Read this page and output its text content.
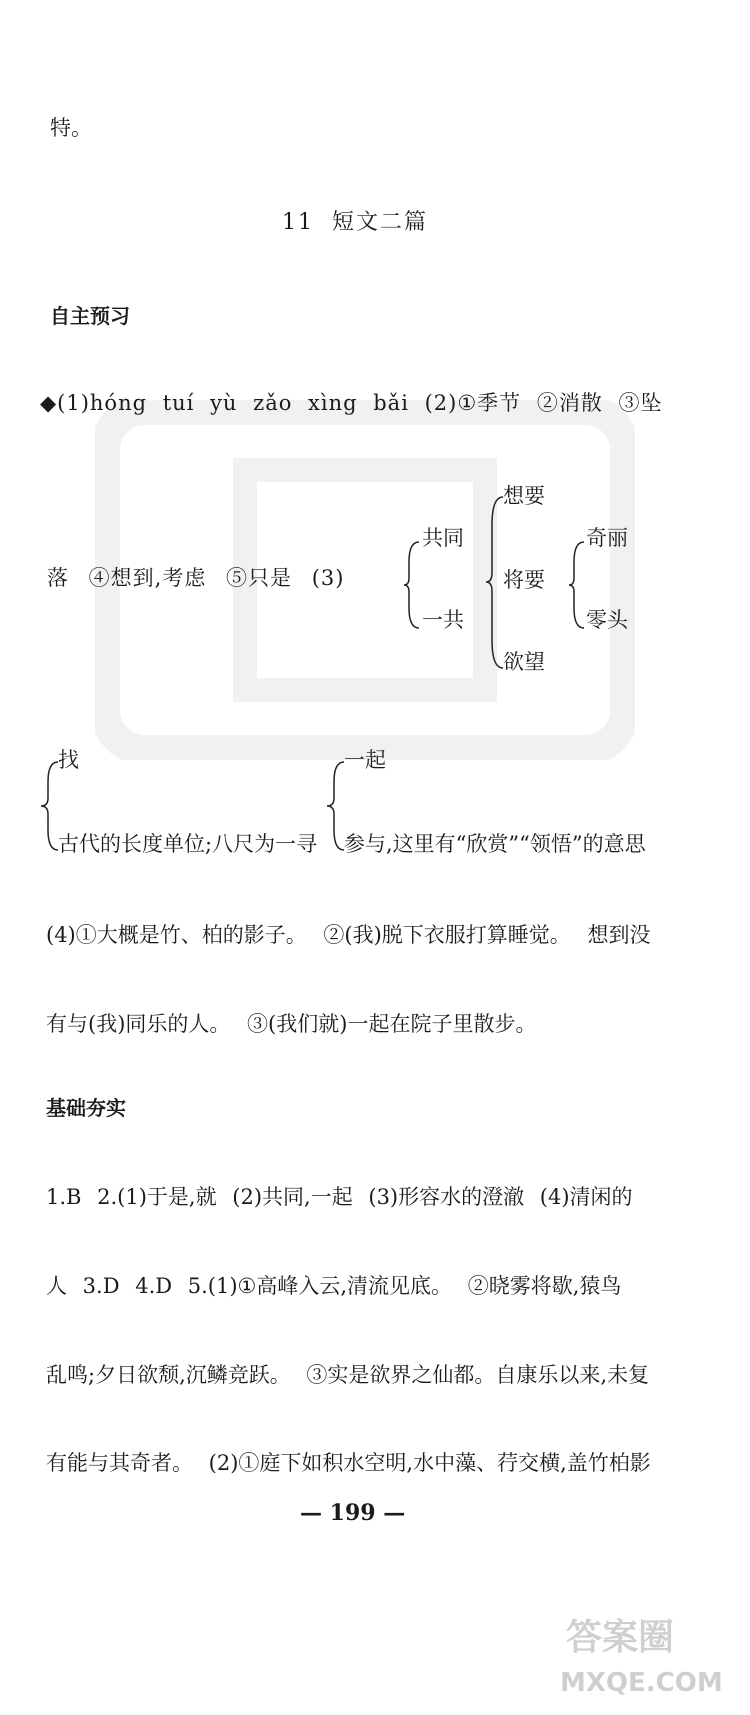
特。
11 短文二篇
自主预习
◆(1)hóng tuí yù zǎo xìng bǎi (2)①季节 ②消散 ③坠
落 ④想到,考虑 ⑤只是 (3)
共同
一共
想要
将要
欲望
奇丽
零头
找
古代的长度单位;八尺为一寻
一起
参与,这里有“欣赏”“领悟”的意思
(4)①大概是竹、柏的影子。 ②(我)脱下衣服打算睡觉。 想到没
有与(我)同乐的人。 ③(我们就)一起在院子里散步。
基础夯实
1.B 2.(1)于是,就 (2)共同,一起 (3)形容水的澄澈 (4)清闲的
人 3.D 4.D 5.(1)①高峰入云,清流见底。 ②晓雾将歇,猿鸟
乱鸣;夕日欲颓,沉鳞竞跃。 ③实是欲界之仙都。自康乐以来,未复
有能与其奇者。 (2)①庭下如积水空明,水中藻、荇交横,盖竹柏影
— 199 —
答案圈
MXQE.COM
